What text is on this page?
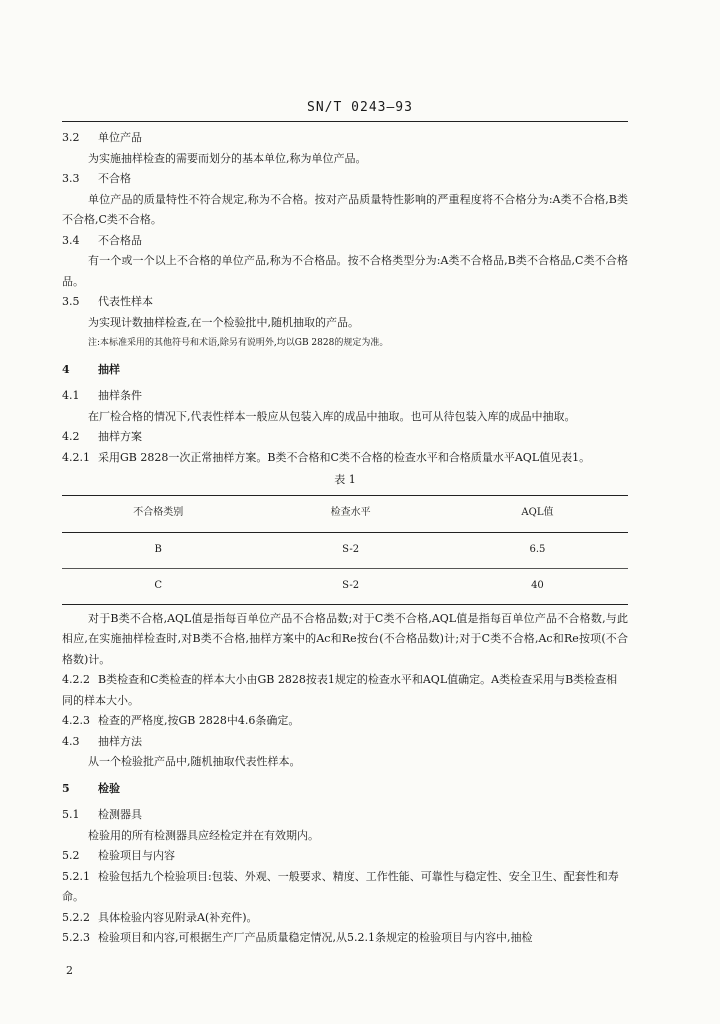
SN/T 0243—93

3.2 单位产品

为实施抽样检查的需要而划分的基本单位,称为单位产品。

3.3 不合格

单位产品的质量特性不符合规定,称为不合格。按对产品质量特性影响的严重程度将不合格分为:A类不合格,B类不合格,C类不合格。

3.4 不合格品

有一个或一个以上不合格的单位产品,称为不合格品。按不合格类型分为:A类不合格品,B类不合格品,C类不合格品。

3.5 代表性样本

为实现计数抽样检查,在一个检验批中,随机抽取的产品。

注:本标准采用的其他符号和术语,除另有说明外,均以GB 2828的规定为准。

4	抽样

4.1 抽样条件

在厂检合格的情况下,代表性样本一般应从包装入库的成品中抽取。也可从待包装入库的成品中抽取。

4.2 抽样方案

4.2.1 采用GB 2828一次正常抽样方案。B类不合格和C类不合格的检查水平和合格质量水平AQL值见表1。

表 1

不合格类别	检查水平	AQL值
B	S-2	6.5
C	S-2	40

对于B类不合格,AQL值是指每百单位产品不合格品数;对于C类不合格,AQL值是指每百单位产品不合格数,与此相应,在实施抽样检查时,对B类不合格,抽样方案中的Ac和Re按台(不合格品数)计;对于C类不合格,Ac和Re按项(不合格数)计。

4.2.2 B类检查和C类检查的样本大小由GB 2828按表1规定的检查水平和AQL值确定。A类检查采用与B类检查相同的样本大小。

4.2.3 检查的严格度,按GB 2828中4.6条确定。

4.3 抽样方法

从一个检验批产品中,随机抽取代表性样本。

5	检验

5.1 检测器具

检验用的所有检测器具应经检定并在有效期内。

5.2 检验项目与内容

5.2.1 检验包括九个检验项目:包装、外观、一般要求、精度、工作性能、可靠性与稳定性、安全卫生、配套性和寿命。

5.2.2 具体检验内容见附录A(补充件)。

5.2.3 检验项目和内容,可根据生产厂产品质量稳定情况,从5.2.1条规定的检验项目与内容中,抽检

2
